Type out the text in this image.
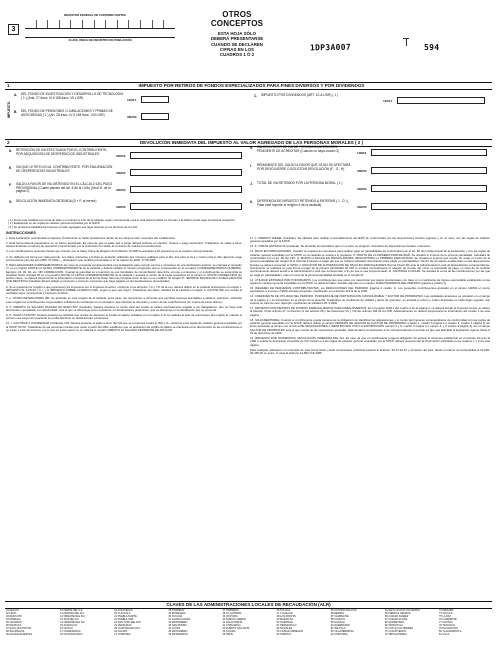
REGISTRO FEDERAL DE CONTRIBUYENTES
3
CLAVE ÚNICA DE REGISTRO DE POBLACIÓN
OTROS CONCEPTOS
ESTA HOJA SÓLO
DEBERÁ PRESENTARSE
CUANDO SE DECLAREN
CIFRAS EN LOS
CUADROS 1 Ó 2
1DP3A007	594
1	IMPUESTO POR RETIROS DE FONDOS ESPECIALIZADOS PARA FINES DIVERSOS Y POR DIVIDENDOS
IMPUESTO
A. DEL FONDO DE INVESTIGACIÓN Y DESARROLLO DE TECNOLOGÍA ( 1 ) (Arts. 27 fracc. III 6 158 fracc. VII LISR)
11I017
B. DEL FONDO DE PENSIONES O JUBILACIONES Y PRIMAS DE ANTIGÜEDAD ( 1 ) (Art. 28 fracc. IV 6 158 fracc. VIII LISR)
38I150
C. IMPUESTO POR DIVIDENDOS (ART. 10-A LISR) ( 1 )
11I017
2	DEVOLUCIÓN INMEDIATA DEL IMPUESTO AL VALOR AGREGADO DE LAS PERSONAS MORALES ( 2 )
D. RETENCIÓN DE IVA EFECTUADA POR EL CONTRIBUYENTE, POR ADQUISICIÓN DE DESPERDICIOS INDUSTRIALES
33I250
E. IVA QUE LE RETUVO AL CONTRIBUYENTE, POR ENAJENACIÓN DE DESPERDICIOS INDUSTRIALES
33I250
F. SALDO A FAVOR DE IVA OBTENIDO EN EL CÁLCULO DEL PAGO PROVISIONAL (Cuarto párrafo del Art. 5 de la LIVA) (Va al H. de la página 2)	33I250
G. DEVOLUCIÓN INMEDIATA OBTENIDA (D + F, al menor)
33I250
H. SALDO A FAVOR DE IVA DE PERIODOS ANTERIORES PENDIENTE DE ACREDITAR (Cuando no haya cuadro 2)
13I051
I. REMANENTE DEL SALDO A FAVOR QUE YA NO SE AFECTARÁ POR DEVOLVERSE O SOLICITAR DEVOLUCIÓN (F - G - H)
33I250
J. TOTAL DE IVA RETENIDO POR LA PERSONA MORAL ( 1 )
33I250
K. DIFERENCIA DE IMPUESTO RETENIDO A ENTERAR ( J - D ) ( Pase este importe al renglón 4 de la carátula)
33I250
( 1 ) Anote esta cantidad a la suma de ellas en el campo a a fin de la carátula, según corresponda, para lo cual deberá utilizar un formato 1-D distinto al del pago provisional respectivo.
( 2 ) Establecido en las reglas de carácter general expedidas por la SHCP.
( 3 ) Se anotará la totalidad del impuesto al valor agregado que haya retenido en los términos de la LIVA.
INSTRUCCIONES

1. Esta declaración será llenada a máquina. Únicamente se harán anotaciones dentro de los campos color rosa para ello establecidos.

2. Esta forma deberá presentarse en un banco autorizado. En caso de que el saldo sea a cargo deberá cubrirse en efectivo, cheque o pago electrónico. Tratándose de saldo a favor, deberá anotarse el número de operación proporcionado por la institución de crédito al momento de realizar la transferencia.

3. Los contribuyentes personas físicas que cuenten con la Clave Única de Registro de Población (CURP) la anotarán a 18 posiciones en el espacio correspondiente.

4. Se utilizará una forma por cada periodo. Los datos referentes a fechas se anotarán utilizando dos números arábigos para el día, dos para el mes y cuatro para el año. Ejemplo: pago provisional de julio del año 2000: 07 2000 — declaración que rectifica presentada el 17 de agosto de 2000: 17 08 2000

5. DECLARACIONES COMPLEMENTARIAS: En caso de presentar complementaria una declaración para corregir errores u omisiones de una declaración anterior, se marcará el recuadro 'C' en el renglón ANOTE LA LETRA CORRESPONDIENTE de la carátula y deberá señalar el número progresivo que le corresponda en el recuadro (COMPLEMENTARIAS NÚMERO). Ejemplo: 01, 02, 03, etc. NIF CORRECCIÓN. Cuando la autoridad en el ejercicio de sus facultades de comprobación determine errores u omisiones y el contribuyente se autocorrija su situación fiscal, anotará 'M' en el recuadro ANOTE LA LETRA CORRESPONDIENTE de la carátula y anotará el monto de la multa respectiva en el campo G. MULTA CORRECCIÓN. En ambos casos, se deberá proporcionar la información completa de la forma fiscal, tanto la corregida como la que no se modificó. El renglón H. IMPORTE PAGADO EN LA DECLARACIÓN QUE RECTIFICA (cantidad deberá reflejar el concepto o suma de conceptos que haya pagado en las declaraciones presentadas).

6. Si se presenta por renglón a que pertenecen los impuestos por el impuesto al activo, conforme a los artículos 7-A y 7-D de la Ley, deberá utilizar en la carátula únicamente el renglón c. IMPUESTO AL ACTIVO ( 6 ), y el IMPUESTO SOBRE LA RENTA (ISR), según el que sea mayor. Tratándose del saldo, utilizará en la carátula el renglón b. AJUSTE ISR con cuanto la cantidad mayor corresponde a impuesto al activo.

7. p. OTRAS RETENCIONES ISR. Se anotarán en este renglón de la carátula, entre otras, las retenciones a personas que perciban ingresos asimilables a salarios; asimismo, utilizarán este renglón los contribuyentes responsables solidarios de residentes en el extranjero, que efectúen la retención y entero de las contribuciones por cuenta de éstos últimos.

8. F. CRÉDITO AL SALARIO PAGADO EN EFECTIVO (Carátula). Deberá anotarse el monto total del crédito al salario efectivamente pagado a los trabajadores, que no haya sido disminuido o acreditado con anterioridad, más el que se disminuya como excedente en declaraciones posteriores, que se disminuye en la declaración que se presenta.

9. H. SALDO A FAVOR. Deberá anotarse la cantidad que resulte de disminuir el crédito al salario señalado en el renglón F de la carátula al total de retenciones del renglón E, cuando el primero sea mayor al remanente se podrá disminuir en declaraciones posteriores.

10. I. CANTIDAD A COMPENSAR (Carátula). NM. Deberá anotarse el saldo a favor del IVA que se compense contra el ISR e IA, conforme a las reglas de carácter general expedidas por la SHCP. NOTA: Tratándose de las personas morales que opten a partir del 2001 establecer que su aplicación del crédito al salario se efectuará como disminución de las contribuciones a su cargo y a las de terceros, por lo que en estos casos no se utilizará el renglón CRÉDITO AL SALARIO PENDIENTE DE APLICAR.

11. J. CRÉDITO DIESEL (Carátula). Se utilizará para realizar el acreditamiento del IEPS de conformidad con las disposiciones fiscales vigentes y en su caso, con las reglas de carácter general expedidas por la SHCP.

12. K. OTROS ESTÍMULOS (Carátula). Se anotarán los beneficios que en su caso se otorguen, derivados de disposiciones fiscales o decretos.

13. PAGO EN PARCIALIDADES. Cuando se requiera los impuestos para realizar pago en parcialidades de conformidad con el art. 66 del Código Fiscal de la Federación y con las reglas de carácter general expedidas por la SHCP, en la carátula se estará a lo siguiente: P. MONTO DE LA PRIMERA PARCIALIDAD. Se anotará el importe de la primera parcialidad, calculada de conformidad con el art. 66 del CFF. Q. MONTO A PAGAR EN PARCIALIDADES, DESCONTADA LA PRIMERA PARCIALIDAD. Se anotará el importe que resulte de restar el monto de la primera parcialidad del renglón P al total del impuesto a pagar del que se hubiera solicitado autorización para pagar en parcialidades. Dentro de los plazos establecidos en las disposiciones fiscales se deberá presentar el AVISO o SOLICITUD DE AUTORIZACIÓN DE PAGO EN PARCIALIDADES (Forma Fiscal 46) ante la Administración Local de Recaudación correspondiente. Únicamente se realizará en esta forma el pago de la primera parcialidad. El SAT le enviará mensualmente la relación de cuenta, así como su formulario de pago, en caso de no recibirlo oportunamente deberá acudir a la Administración Local que corresponda, a fin de que le sea proporcionado. R. CANTIDAD A PAGAR. Se anotará la suma de las contribuciones por las que se paga en parcialidades, más el monto de la primera parcialidad anotada en el renglón R.

14. UTILIDAD ESTIMADA POR HONORARIOS. Los contribuyentes que opten por determinar sus pagos provisionales con base en el coeficiente de ingreso acumulable establecido en las reglas de carácter general expedidas por la SHCP no deberán haber anotado algunas en el campo 111303 INGRESOS DEL PERIODO (página 2 cuadro 1).

15. RÉGIMEN DE PEQUEÑOS CONTRIBUYENTES, los DEDUCCIONES DEL PERIODO (página 2 cuadro 1). Los pequeños contribuyentes anotarán en el campo 111804 el monto equivalente a 3 veces el SMG elevado al periodo, establecido en el artículo 119-N de la LISR.

16. COEFICIENTE DE UTILIDAD DEL PERIODO, PORCENTAJE DE PARTICIPACIÓN CONSOLIDABLE Y FACTOR DE PRORRATEO. Las cantidades anteriores se anotarán en el campo de la página 2 y se transcriben en el campo de la derecha. Tratándose de coeficiente de utilidad y factor de prorrateo, se anotará el entero y cuatro decimales en cada dígito seguido, aun cuando se trate de cero. Ejemplo: coeficiente de utilidad 0.25: 0.2500

17. IMPUESTO POR RETIROS DE FONDOS ESPECIALIZADOS PARA FINES DIVERSOS. En el renglón 11I017 del cuadro 4 de la página 2, se deberá anotar el impuesto al que se refiere la fracción III del artículo 27, la fracción IV del artículo 28 y las fracciones VII y VIII del artículo 158 de la LISR. Adicionalmente se deberá proporcionar la información del cuadro 1 de esta página.

18. IVA ACREDITABLE. Cuando el contribuyente pueda tomarse de la obligación de identificar las adquisiciones y el monto del impuesto correspondiente de conformidad con las reglas de carácter general expedidas por la SHCP, deberá utilizar el campo DEFINIDO DE APLICAR EL FACTOR DE PRORRATEO (cuadro 1, cuadro 6 página 2 o cuadro 3, cuadro 4 página 3) así llevar anotación al campo con la forma DE ADQUISICIONES e IDENTIFICADO CON LA EXPORTACIÓN (campo 3 y 8, cuadro 5 página 2 o campo 3, y 4 cuadro 3 página 4), así el campo FACTOR DE PRORRATEO será el que resulte de las operaciones gravadas. Deberá darse cumplimiento a los correspondientes a periodo en que sea aplicable la legislación vigente hasta el 31 de diciembre de 1999.

19. IMPUESTO POR DIVIDENDOS, DEVOLUCIÓN INMEDIATA DEL IVA. En caso de que el contribuyente tenga la obligación de enterar el impuesto establecido en el artículo 10-A de la LISR o solicite la devolución inmediata de IVA conforme a las reglas de carácter general expedidas por la SHCP, deberá proporcionar la información solicitada en los cuadros 1 y 2 de esta página.

Para cualquier aclaración en el llenado de esta forma fiscal, puede comunicarse al Distrito Federal al teléfono: 52-27-02-87 y al interior del país, desde el interior de la República al 01-800-90-456-00 en estos. Ó vaya al teléfono 01-800-716-3355.

CLAVES DE LAS ADMINISTRACIONES LOCALES DE RECAUDACIÓN (ALR)
01 CELAYA
02 LEON
03 IRAPUATO
04 MORELIA
05 URUAPAN
06 PACHUCA
07 SAN LUIS POTOSI
08 ZACATECAS
09 AGUASCALIENTES
10 NORTE DEL D.F.
11 CENTRO DEL D.F.
12 ORIENTE DEL D.F.
13 SUR DEL D.F.
14 ORIENTE DEL D.F.
15 ACAPULCO
16 IGUALA
17 CUERNAVACA
18 CHILPANCINGO
19 ZACATECAS
20 TLAXCALA
21 PUEBLA NORTE
22 PUEBLA SUR
23 SAN JUAN DEL RIO
24 VERACRUZ
25 COATZACOALCOS
26 XALAPA
27 CORDOBA
28 TORREON
29 ENSENADA
30 TIJUANA
31 GUADALAJARA
32 MONTERREY
33 SAN PEDRO
34 LA PAZ
35 MONTERREY
36 MATAMOROS
37 TORREON
38 LA CANTERA
39 VICTORIA
40 NUEVO LAREDO
41 AGUA PRIETA
42 CHIHUAHUA
43 PUERTO VALLARTA
44 COLIMA
45 TEPIC
46 TOLUCA
47 CULIACAN
48 LOS MOCHIS
49 MAZATLAN
50 DURANGO
51 HERMOSILLO
52 NOGALES
53 CIUDAD OBREGON
54 TAMPICO
55 COATZACOALCOS
56 MERIDA
57 CAMPECHE
58 CANCUN
59 OAXACA
60 QUERETARO
61 SALTILLO
62 VILLAHERMOSA
63 CHETUMAL
64 SAN LUIS RIO COLORADO
65 PIEDRAS NEGRAS
66 CIUDAD JUAREZ
67 CIUDAD ACUÑA
68 QUERETARO
69 TAPACHULA
70 TUXTLA GUTIERREZ
71 CUAUHTEMOC
72 TEHUANTEPEC
73 ORIZABA
74 TOLUCA
75 LA PAZ
76 CAMPECHE
77 OAXACA
78 TEXCOCO
79 NAUCALPAN
80 TLALNEPANTLA
81 VILLA
